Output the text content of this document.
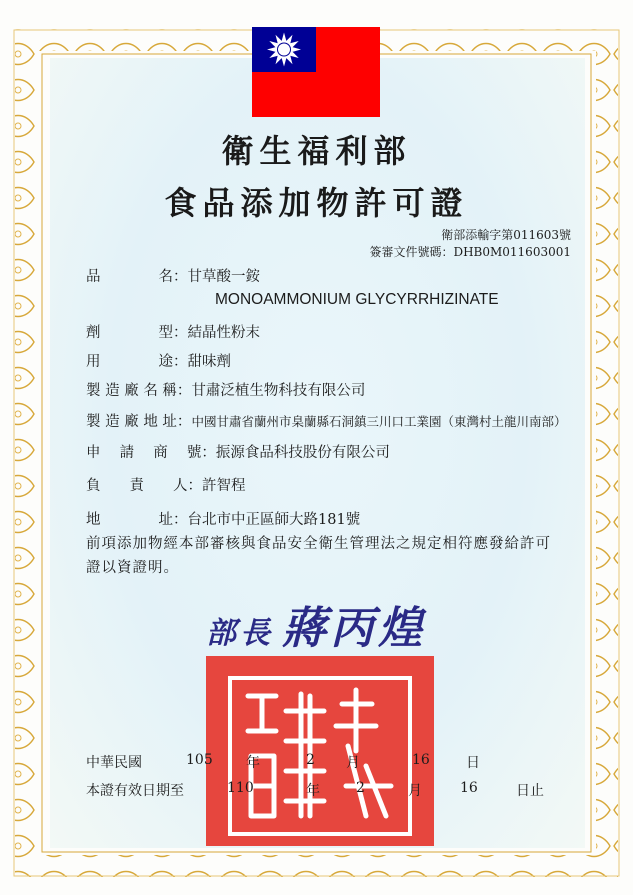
衛生福利部
食品添加物許可證
衛部添輸字第011603號
簽審文件號碼：DHB0M011603001
品　　　　名：甘草酸一銨
MONOAMMONIUM GLYCYRRHIZINATE
劑　　　　型：結晶性粉末
用　　　　途：甜味劑
製 造 廠 名 稱：甘肅泛植生物科技有限公司
製 造 廠 地 址：中國甘肅省蘭州市臬蘭縣石洞鎮三川口工業園（東灣村土龍川南部）
申　 請　 商　 號：振源食品科技股份有限公司
負　　責　　人：許智程
地　　　　址：台北市中正區師大路181號
前項添加物經本部審核與食品安全衛生管理法之規定相符應發給許可證以資證明。
部長 蔣丙煌
中華民國	105 年	2 月	16	日
本證有效日期至	110	年	2	月	16	日止
